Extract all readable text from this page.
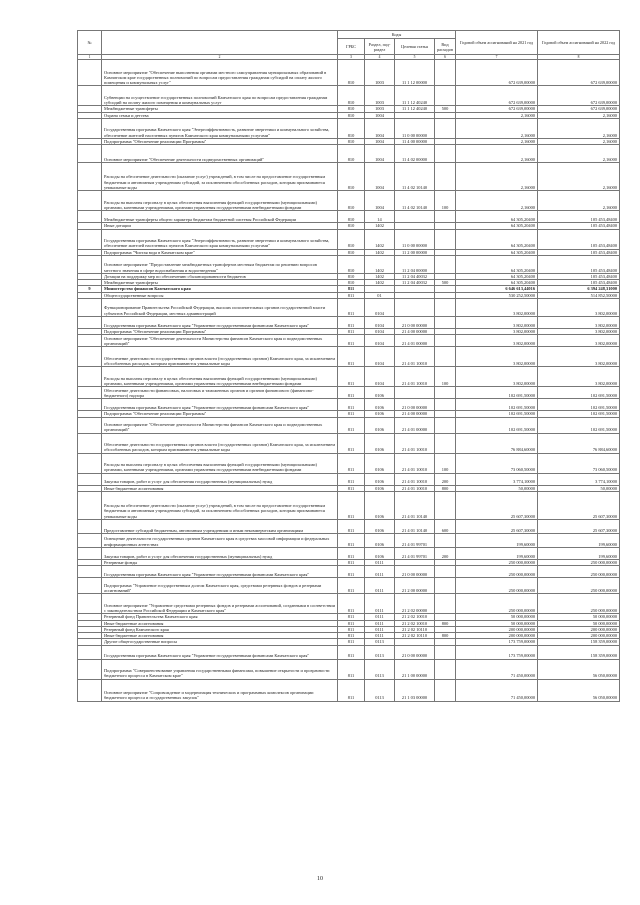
№		Коды				Годовой объем ассигнований на 2021 год	Годовой объем ассигнований на 2022 год
		ГРБС	Раздел, под-раздел	Целевая статья	Вид расходов		
1	2	3	4	5	6	7	8
	Основное мероприятие "Обеспечение выполнения органами местного самоуправления муниципальных образований в Камчатском крае государственных полномочий по вопросам предоставления гражданам субсидий на оплату жилого помещения и коммунальных услуг"	810	1003	11 1 12 00000		672 639,00000	672 639,00000
	Субвенции на осуществление государственных полномочий Камчатского края по вопросам предоставления гражданам субсидий на оплату жилого помещения и коммунальных услуг	810	1003	11 1 12 40240		672 639,00000	672 639,00000
	Межбюджетные трансферты	810	1003	11 1 12 40240	500	672 639,00000	672 639,00000
	Охрана семьи и детства	810	1004			2,16000	2,16000
	Государственная программа Камчатского края "Энергоэффективность, развитие энергетики и коммунального хозяйства, обеспечение жителей населенных пунктов Камчатского края коммунальными услугами"	810	1004	11 0 00 00000		2,16000	2,16000
	Подпрограмма "Обеспечение реализации Программы"	810	1004	11 4 00 00000		2,16000	2,16000
	Основное мероприятие "Обеспечение деятельности подведомственных организаций"	810	1004	11 4 02 00000		2,16000	2,16000
	Расходы на обеспечение деятельности (оказание услуг) учреждений, в том числе на предоставление государственным бюджетным и автономным учреждениям субсидий, за исключением обособленных расходов, которым присваиваются уникальные коды	810	1004	11 4 02 10140		2,16000	2,16000
	Расходы на выплаты персоналу в целях обеспечения выполнения функций государственными (муниципальными) органами, казенными учреждениями, органами управления государственными внебюджетными фондами	810	1004	11 4 02 10140	100	2,16000	2,16000
	Межбюджетные трансферты общего характера бюджетам бюджетной системы Российской Федерации	810	14			64 305,20400	105 453,48400
	Иные дотации	810	1402			64 305,20400	105 453,48400
	Государственная программа Камчатского края "Энергоэффективность, развитие энергетики и коммунального хозяйства, обеспечение жителей населенных пунктов Камчатского края коммунальными услугами"	810	1402	11 0 00 00000		64 305,20400	105 453,48400
	Подпрограмма "Чистая вода в Камчатском крае"	810	1402	11 2 00 00000		64 305,20400	105 453,48400
	Основное мероприятие "Предоставление межбюджетных трансфертов местным бюджетам по решению вопросов местного значения в сфере водоснабжения и водоотведения"	810	1402	11 2 04 00000		64 305,20400	105 453,48400
	Дотации на поддержку мер по обеспечению сбалансированности бюджетов	810	1402	11 2 04 40032		64 305,20400	105 453,48400
	Межбюджетные трансферты	810	1402	11 2 04 40032	500	64 305,20400	105 453,48400
9	Министерство финансов Камчатского края	811				6 646 613,44016	6 394 248,31000
	Общегосударственные вопросы	811	01			530 252,50000	514 852,50000
	Функционирование Правительства Российской Федерации, высших исполнительных органов государственной власти субъектов Российской Федерации, местных администраций	811	0104			3 802,00000	3 802,00000
	Государственная программа Камчатского края "Управление государственными финансами Камчатского края"	811	0104	21 0 00 00000		3 802,00000	3 802,00000
	Подпрограмма "Обеспечение реализации Программы"	811	0104	21 4 00 00000		3 802,00000	3 802,00000
	Основное мероприятие "Обеспечение деятельности Министерства финансов Камчатского края и подведомственных организаций"	811	0104	21 4 01 00000		3 802,00000	3 802,00000
	Обеспечение деятельности государственных органов власти (государственных органов) Камчатского края, за исключением обособленных расходов, которым присваиваются уникальные коды	811	0104	21 4 01 10010		3 802,00000	3 802,00000
	Расходы на выплаты персоналу в целях обеспечения выполнения функций государственными (муниципальными) органами, казенными учреждениями, органами управления государственными внебюджетными фондами	811	0104	21 4 01 10010	100	3 802,00000	3 802,00000
	Обеспечение деятельности финансовых, налоговых и таможенных органов и органов финансового (финансово-бюджетного) надзора	811	0106			102 691,50000	102 691,50000
	Государственная программа Камчатского края "Управление государственными финансами Камчатского края"	811	0106	21 0 00 00000		102 691,50000	102 691,50000
	Подпрограмма "Обеспечение реализации Программы"	811	0106	21 4 00 00000		102 691,50000	102 691,50000
	Основное мероприятие "Обеспечение деятельности Министерства финансов Камчатского края и подведомственных организаций"	811	0106	21 4 01 00000		102 691,50000	102 691,50000
	Обеспечение деятельности государственных органов власти (государственных органов) Камчатского края, за исключением обособленных расходов, которым присваиваются уникальные коды	811	0106	21 4 01 10010		76 884,60000	76 884,60000
	Расходы на выплаты персоналу в целях обеспечения выполнения функций государственными (муниципальными) органами, казенными учреждениями, органами управления государственными внебюджетными фондами	811	0106	21 4 01 10010	100	73 060,50000	73 060,50000
	Закупка товаров, работ и услуг для обеспечения государственных (муниципальных) нужд	811	0106	21 4 01 10010	200	3 774,10000	3 774,10000
	Иные бюджетные ассигнования	811	0106	21 4 01 10010	800	50,00000	50,00000
	Расходы на обеспечение деятельности (оказание услуг) учреждений, в том числе на предоставление государственным бюджетным и автономным учреждениям субсидий, за исключением обособленных расходов, которым присваиваются уникальные коды	811	0106	21 4 01 10140		25 607,30000	25 607,30000
	Предоставление субсидий бюджетным, автономным учреждениям и иным некоммерческим организациям	811	0106	21 4 01 10140	600	25 607,30000	25 607,30000
	Освещение деятельности государственных органов Камчатского края в средствах массовой информации и федеральных информационных агентствах	811	0106	21 4 01 99701		199,60000	199,60000
	Закупка товаров, работ и услуг для обеспечения государственных (муниципальных) нужд	811	0106	21 4 01 99701	200	199,60000	199,60000
	Резервные фонды	811	0111			250 000,00000	250 000,00000
	Государственная программа Камчатского края "Управление государственными финансами Камчатского края"	811	0111	21 0 00 00000		250 000,00000	250 000,00000
	Подпрограмма "Управление государственным долгом Камчатского края, средствами резервных фондов и резервами ассигнований"	811	0111	21 2 00 00000		250 000,00000	250 000,00000
	Основное мероприятие "Управление средствами резервных фондов и резервами ассигнований, созданными в соответствии с законодательством Российской Федерации и Камчатского края"	811	0111	21 2 02 00000		250 000,00000	250 000,00000
	Резервный фонд Правительства Камчатского края	811	0111	21 2 02 10010		50 000,00000	50 000,00000
	Иные бюджетные ассигнования	811	0111	21 2 02 10010	800	50 000,00000	50 000,00000
	Резервный фонд Камчатского края	811	0111	21 2 02 10110		200 000,00000	200 000,00000
	Иные бюджетные ассигнования	811	0111	21 2 02 10110	800	200 000,00000	200 000,00000
	Другие общегосударственные вопросы	811	0113			173 759,00000	158 359,00000
	Государственная программа Камчатского края "Управление государственными финансами Камчатского края"	811	0113	21 0 00 00000		173 759,00000	158 359,00000
	Подпрограмма "Совершенствование управления государственными финансами, повышение открытости и прозрачности бюджетного процесса в Камчатском крае"	811	0113	21 1 00 00000		71 450,00000	56 050,00000
	Основное мероприятие "Сопровождение и модернизация технических и программных комплексов организации бюджетного процесса и государственных закупок"	811	0113	21 1 03 00000		71 450,00000	56 050,00000
10
